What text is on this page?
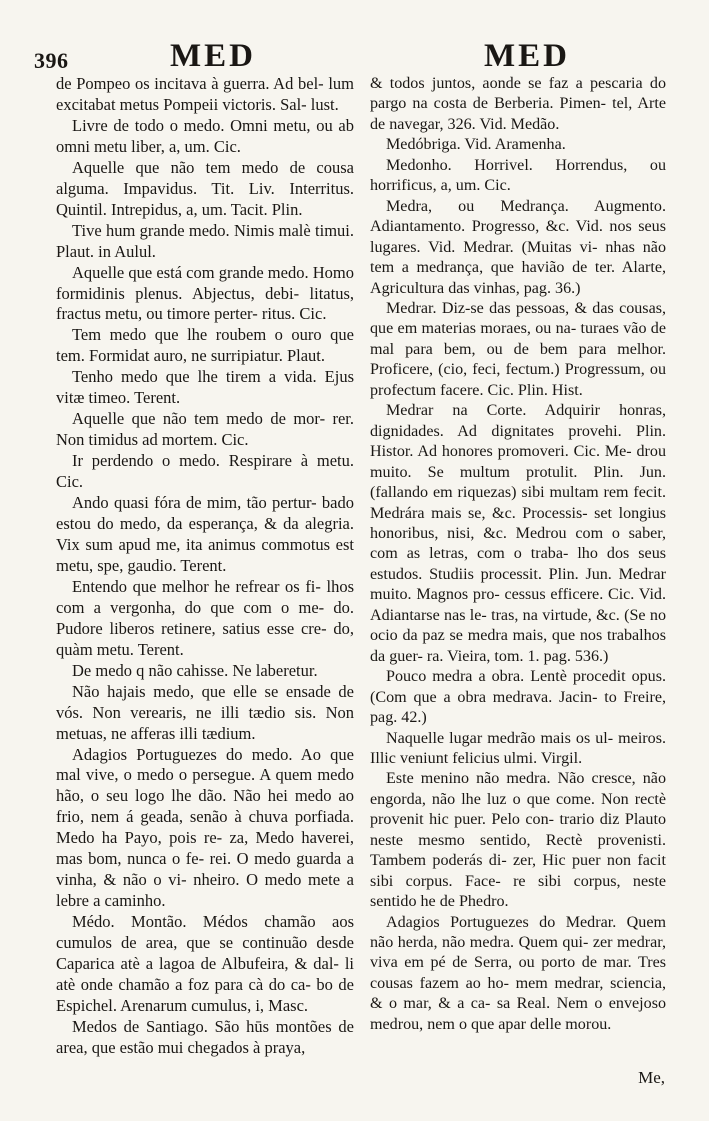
396	MED	MED

de Pompeo os incitava à guerra. Ad bel- lum excitabat metus Pompeii victoris. Sal- lust.

Livre de todo o medo. Omni metu, ou ab omni metu liber, a, um. Cic.

Aquelle que não tem medo de cousa alguma. Impavidus. Tit. Liv. Interritus. Quintil. Intrepidus, a, um. Tacit. Plin.

Tive hum grande medo. Nimis malè timui. Plaut. in Aulul.

Aquelle que está com grande medo. Homo formidinis plenus. Abjectus, debi- litatus, fractus metu, ou timore perter- ritus. Cic.

Tem medo que lhe roubem o ouro que tem. Formidat auro, ne surripiatur. Plaut.

Tenho medo que lhe tirem a vida. Ejus vitæ timeo. Terent.

Aquelle que não tem medo de mor- rer. Non timidus ad mortem. Cic.

Ir perdendo o medo. Respirare à metu. Cic.

Ando quasi fóra de mim, tão pertur- bado estou do medo, da esperança, & da alegria. Vix sum apud me, ita animus commotus est metu, spe, gaudio. Terent.

Entendo que melhor he refrear os fi- lhos com a vergonha, do que com o me- do. Pudore liberos retinere, satius esse cre- do, quàm metu. Terent.

De medo q não cahisse. Ne laberetur.

Não hajais medo, que elle se ensade de vós. Non verearis, ne illi tædio sis. Non metuas, ne afferas illi tædium.

Adagios Portuguezes do medo. Ao que mal vive, o medo o persegue. A quem medo hão, o seu logo lhe dão. Não hei medo ao frio, nem á geada, senão à chuva porfiada. Medo ha Payo, pois re- za, Medo haverei, mas bom, nunca o fe- rei. O medo guarda a vinha, & não o vi- nheiro. O medo mete a lebre a caminho.

Médo. Montão. Médos chamão aos cumulos de area, que se continuão desde Caparica atè a lagoa de Albufeira, & dal- li atè onde chamão a foz para cà do ca- bo de Espichel. Arenarum cumulus, i, Masc.

Medos de Santiago. São hūs montões de area, que estão mui chegados à praya,

& todos juntos, aonde se faz a pescaria do pargo na costa de Berberia. Pimen- tel, Arte de navegar, 326. Vid. Medão.

Medóbriga. Vid. Aramenha.

Medonho. Horrivel. Horrendus, ou horrificus, a, um. Cic.

Medra, ou Medrança. Augmento. Adiantamento. Progresso, &c. Vid. nos seus lugares. Vid. Medrar. (Muitas vi- nhas não tem a medrança, que havião de ter. Alarte, Agricultura das vinhas, pag. 36.)

Medrar. Diz-se das pessoas, & das cousas, que em materias moraes, ou na- turaes vão de mal para bem, ou de bem para melhor. Proficere, (cio, feci, fectum.) Progressum, ou profectum facere. Cic. Plin. Hist.

Medrar na Corte. Adquirir honras, dignidades. Ad dignitates provehi. Plin. Histor. Ad honores promoveri. Cic. Me- drou muito. Se multum protulit. Plin. Jun. (fallando em riquezas) sibi multam rem fecit. Medrára mais se, &c. Processis- set longius honoribus, nisi, &c. Medrou com o saber, com as letras, com o traba- lho dos seus estudos. Studiis processit. Plin. Jun. Medrar muito. Magnos pro- cessus efficere. Cic. Vid. Adiantarse nas le- tras, na virtude, &c. (Se no ocio da paz se medra mais, que nos trabalhos da guer- ra. Vieira, tom. 1. pag. 536.)

Pouco medra a obra. Lentè procedit opus. (Com que a obra medrava. Jacin- to Freire, pag. 42.)

Naquelle lugar medrão mais os ul- meiros. Illic veniunt felicius ulmi. Virgil.

Este menino não medra. Não cresce, não engorda, não lhe luz o que come. Non rectè provenit hic puer. Pelo con- trario diz Plauto neste mesmo sentido, Rectè provenisti. Tambem poderás di- zer, Hic puer non facit sibi corpus. Face- re sibi corpus, neste sentido he de Phedro.

Adagios Portuguezes do Medrar. Quem não herda, não medra. Quem qui- zer medrar, viva em pé de Serra, ou porto de mar. Tres cousas fazem ao ho- mem medrar, sciencia, & o mar, & a ca- sa Real. Nem o envejoso medrou, nem o que apar delle morou.

Me,
